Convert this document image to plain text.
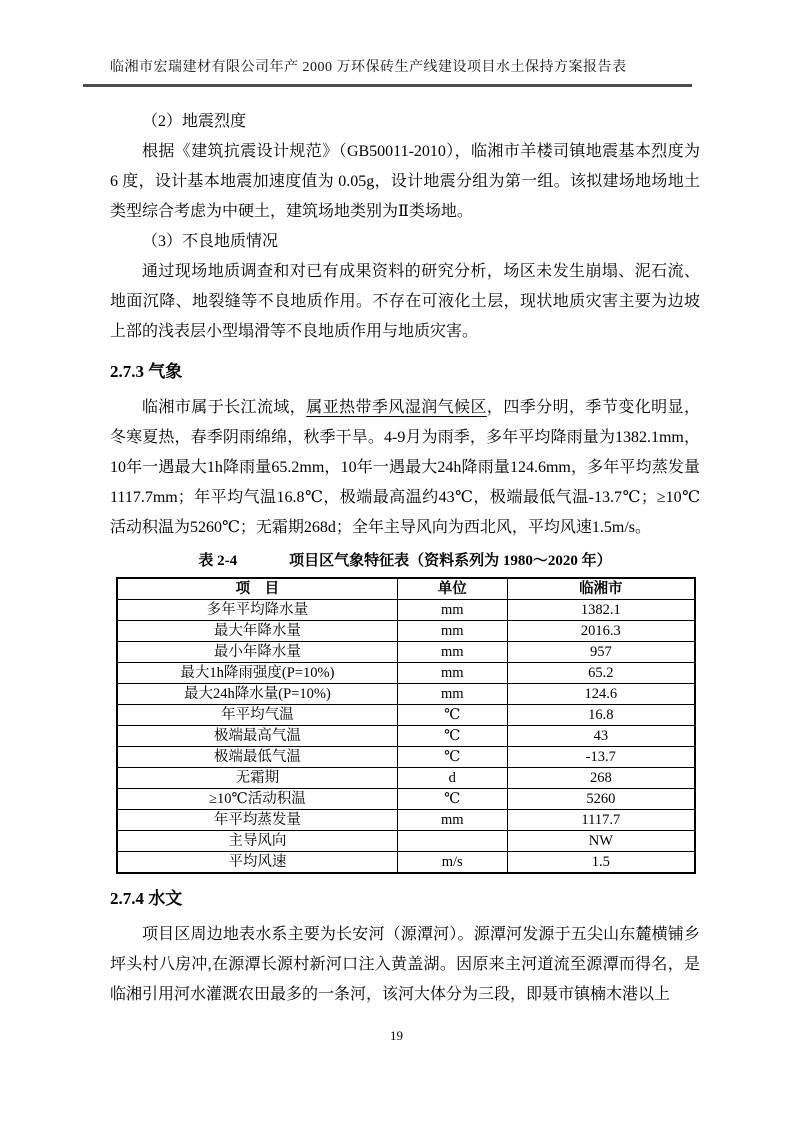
临湘市宏瑞建材有限公司年产 2000 万环保砖生产线建设项目水土保持方案报告表

（2）地震烈度

根据《建筑抗震设计规范》（GB50011-2010），临湘市羊楼司镇地震基本烈度为 6 度，设计基本地震加速度值为 0.05g，设计地震分组为第一组。该拟建场地场地土类型综合考虑为中硬土，建筑场地类别为Ⅱ类场地。

（3）不良地质情况

通过现场地质调查和对已有成果资料的研究分析，场区未发生崩塌、泥石流、地面沉降、地裂缝等不良地质作用。不存在可液化土层，现状地质灾害主要为边坡上部的浅表层小型塌滑等不良地质作用与地质灾害。

2.7.3 气象

临湘市属于长江流域，属亚热带季风湿润气候区，四季分明，季节变化明显，冬寒夏热，春季阴雨绵绵，秋季干旱。4-9月为雨季，多年平均降雨量为1382.1mm，10年一遇最大1h降雨量65.2mm，10年一遇最大24h降雨量124.6mm，多年平均蒸发量1117.7mm；年平均气温16.8℃，极端最高温约43℃，极端最低气温-13.7℃；≥10℃活动积温为5260℃；无霜期268d；全年主导风向为西北风，平均风速1.5m/s。

表 2-4	项目区气象特征表（资料系列为 1980～2020 年）
项　目	单位	临湘市
多年平均降水量	mm	1382.1
最大年降水量	mm	2016.3
最小年降水量	mm	957
最大1h降雨强度(P=10%)	mm	65.2
最大24h降水量(P=10%)	mm	124.6
年平均气温	℃	16.8
极端最高气温	℃	43
极端最低气温	℃	-13.7
无霜期	d	268
≥10℃活动积温	℃	5260
年平均蒸发量	mm	1117.7
主导风向		NW
平均风速	m/s	1.5
2.7.4 水文

项目区周边地表水系主要为长安河（源潭河）。源潭河发源于五尖山东麓横铺乡坪头村八房冲,在源潭长源村新河口注入黄盖湖。因原来主河道流至源潭而得名，是临湘引用河水灌溉农田最多的一条河，该河大体分为三段，即聂市镇楠木港以上

19
